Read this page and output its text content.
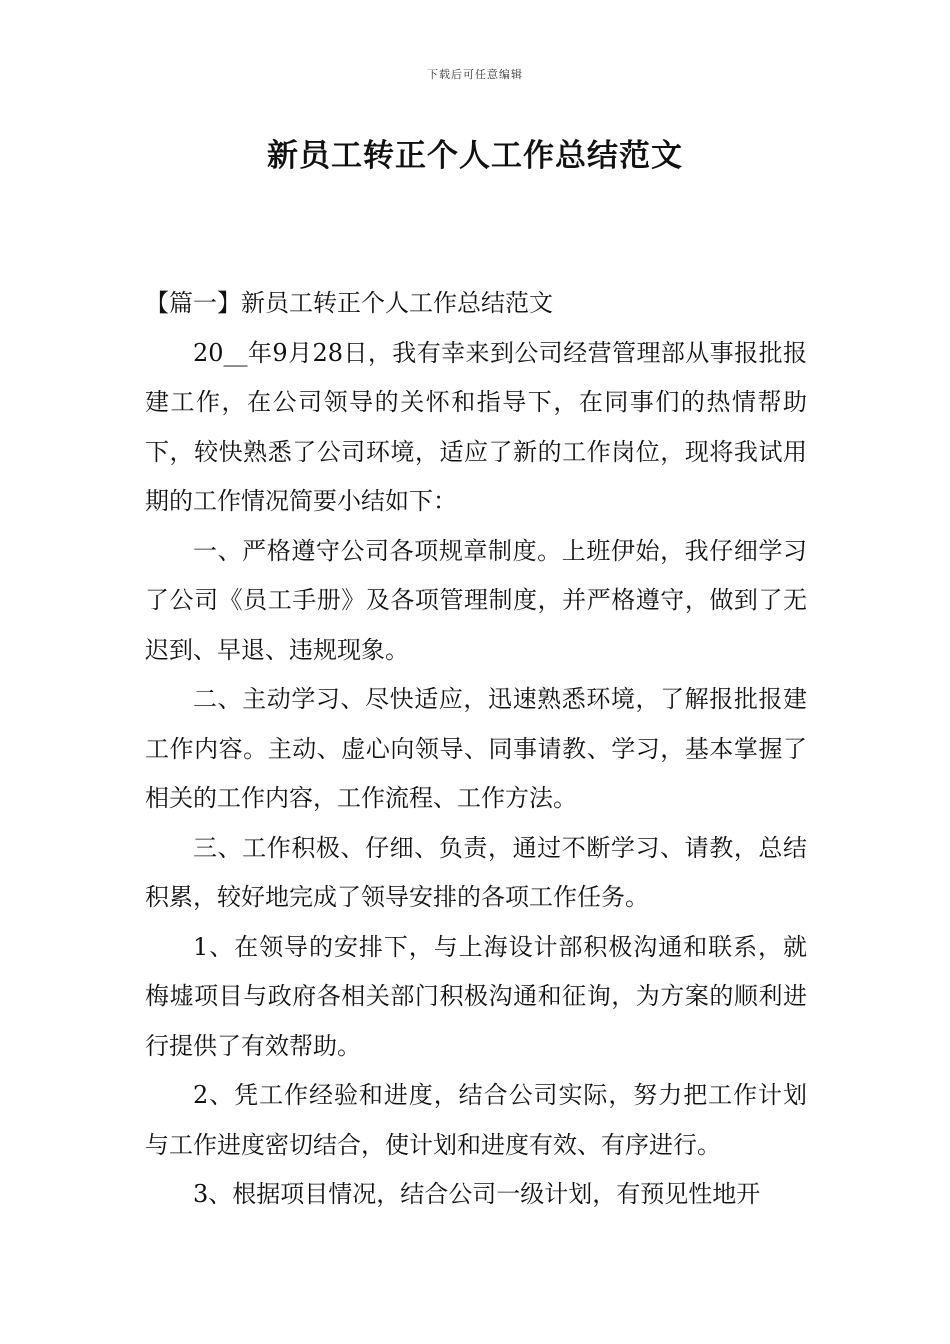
下载后可任意编辑
新员工转正个人工作总结范文

【篇一】新员工转正个人工作总结范文

20__年9月28日，我有幸来到公司经营管理部从事报批报建工作，在公司领导的关怀和指导下，在同事们的热情帮助下，较快熟悉了公司环境，适应了新的工作岗位，现将我试用期的工作情况简要小结如下：

一、严格遵守公司各项规章制度。上班伊始，我仔细学习了公司《员工手册》及各项管理制度，并严格遵守，做到了无迟到、早退、违规现象。

二、主动学习、尽快适应，迅速熟悉环境，了解报批报建工作内容。主动、虚心向领导、同事请教、学习，基本掌握了相关的工作内容，工作流程、工作方法。

三、工作积极、仔细、负责，通过不断学习、请教，总结积累，较好地完成了领导安排的各项工作任务。

1、在领导的安排下，与上海设计部积极沟通和联系，就梅墟项目与政府各相关部门积极沟通和征询，为方案的顺利进行提供了有效帮助。

2、凭工作经验和进度，结合公司实际，努力把工作计划与工作进度密切结合，使计划和进度有效、有序进行。

3、根据项目情况，结合公司一级计划，有预见性地开
